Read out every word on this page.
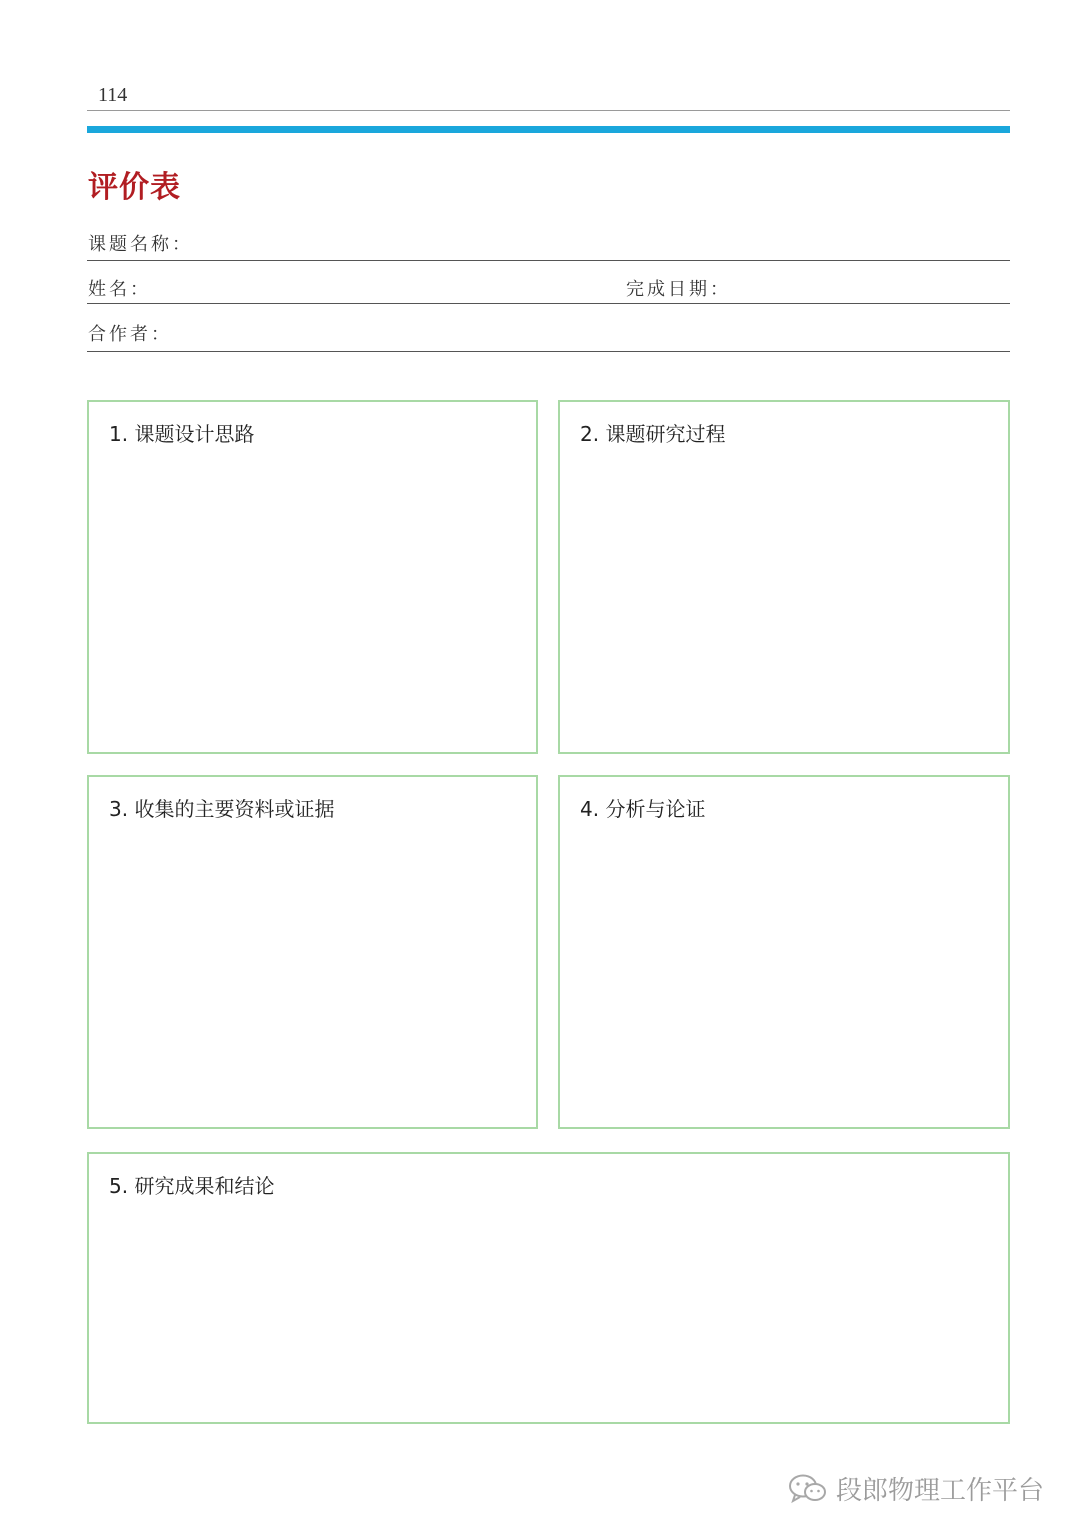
114
评价表
课题名称：
姓名：	完成日期：
合作者：
1. 课题设计思路	2. 课题研究过程
3. 收集的主要资料或证据	4. 分析与论证
5. 研究成果和结论
段郎物理工作平台
